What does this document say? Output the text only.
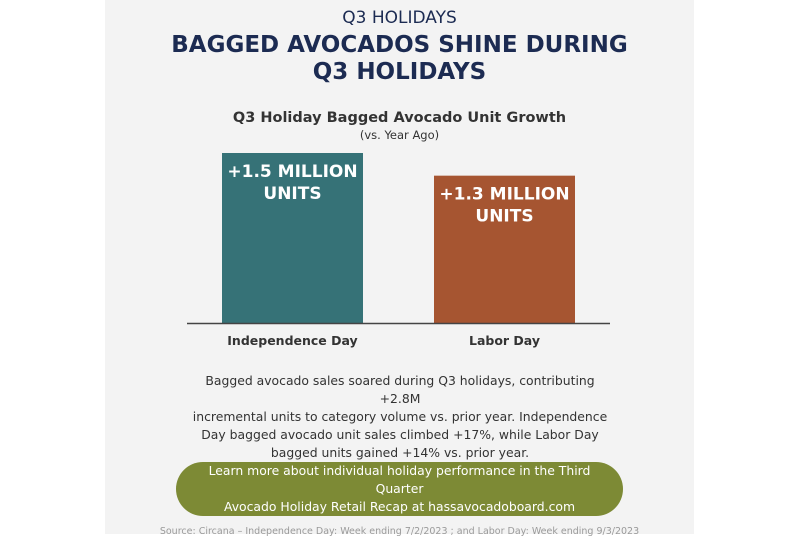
Q3 HOLIDAYS
BAGGED AVOCADOS SHINE DURING
Q3 HOLIDAYS
Q3 Holiday Bagged Avocado Unit Growth
(vs. Year Ago)
+1.5 MILLION
UNITS
Independence Day
+1.3 MILLION
UNITS
Labor Day
Bagged avocado sales soared during Q3 holidays, contributing +2.8M
incremental units to category volume vs. prior year. Independence
Day bagged avocado unit sales climbed +17%, while Labor Day
bagged units gained +14% vs. prior year.
Learn more about individual holiday performance in the Third Quarter
Avocado Holiday Retail Recap at hassavocadoboard.com
Source: Circana – Independence Day: Week ending 7/2/2023 ; and Labor Day: Week ending 9/3/2023
